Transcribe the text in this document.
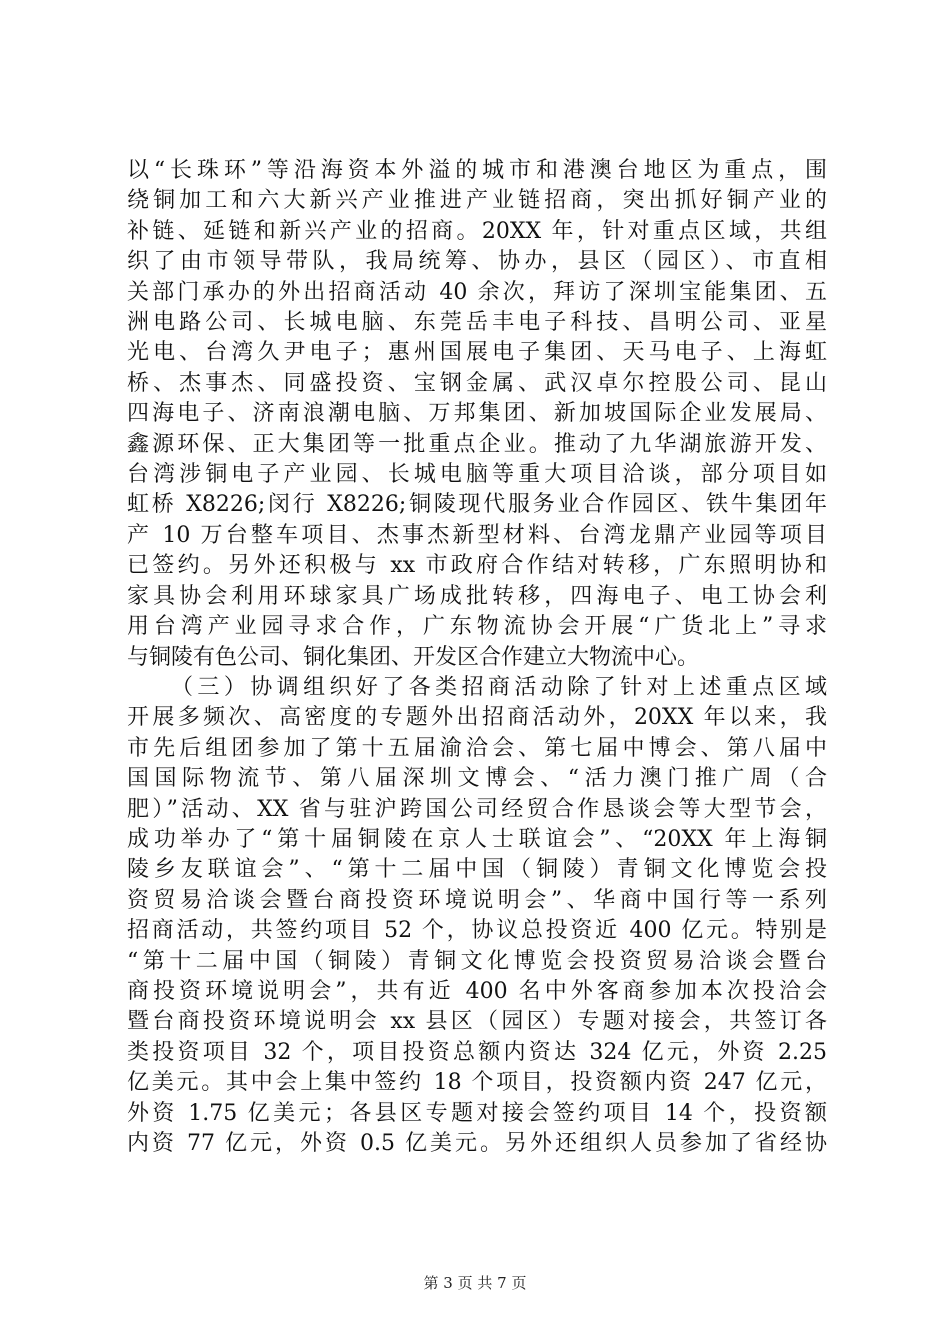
以“长珠环”等沿海资本外溢的城市和港澳台地区为重点，围
绕铜加工和六大新兴产业推进产业链招商，突出抓好铜产业的
补链、延链和新兴产业的招商。20XX 年，针对重点区域，共组
织了由市领导带队，我局统筹、协办，县区（园区）、市直相
关部门承办的外出招商活动 40 余次，拜访了深圳宝能集团、五
洲电路公司、长城电脑、东莞岳丰电子科技、昌明公司、亚星
光电、台湾久尹电子；惠州国展电子集团、天马电子、上海虹
桥、杰事杰、同盛投资、宝钢金属、武汉卓尔控股公司、昆山
四海电子、济南浪潮电脑、万邦集团、新加坡国际企业发展局、
鑫源环保、正大集团等一批重点企业。推动了九华湖旅游开发、
台湾涉铜电子产业园、长城电脑等重大项目洽谈，部分项目如
虹桥 X8226;闵行 X8226;铜陵现代服务业合作园区、铁牛集团年
产 10 万台整车项目、杰事杰新型材料、台湾龙鼎产业园等项目
已签约。另外还积极与 xx 市政府合作结对转移，广东照明协和
家具协会利用环球家具广场成批转移，四海电子、电工协会利
用台湾产业园寻求合作，广东物流协会开展“广货北上”寻求
与铜陵有色公司、铜化集团、开发区合作建立大物流中心。
（三）协调组织好了各类招商活动除了针对上述重点区域
开展多频次、高密度的专题外出招商活动外，20XX 年以来，我
市先后组团参加了第十五届渝洽会、第七届中博会、第八届中
国国际物流节、第八届深圳文博会、“活力澳门推广周（合
肥）”活动、XX 省与驻沪跨国公司经贸合作恳谈会等大型节会，
成功举办了“第十届铜陵在京人士联谊会”、“20XX 年上海铜
陵乡友联谊会”、“第十二届中国（铜陵）青铜文化博览会投
资贸易洽谈会暨台商投资环境说明会”、华商中国行等一系列
招商活动，共签约项目 52 个，协议总投资近 400 亿元。特别是
“第十二届中国（铜陵）青铜文化博览会投资贸易洽谈会暨台
商投资环境说明会”，共有近 400 名中外客商参加本次投洽会
暨台商投资环境说明会 xx 县区（园区）专题对接会，共签订各
类投资项目 32 个，项目投资总额内资达 324 亿元，外资 2.25
亿美元。其中会上集中签约 18 个项目，投资额内资 247 亿元，
外资 1.75 亿美元；各县区专题对接会签约项目 14 个，投资额
内资 77 亿元，外资 0.5 亿美元。另外还组织人员参加了省经协
第 3 页 共 7 页
